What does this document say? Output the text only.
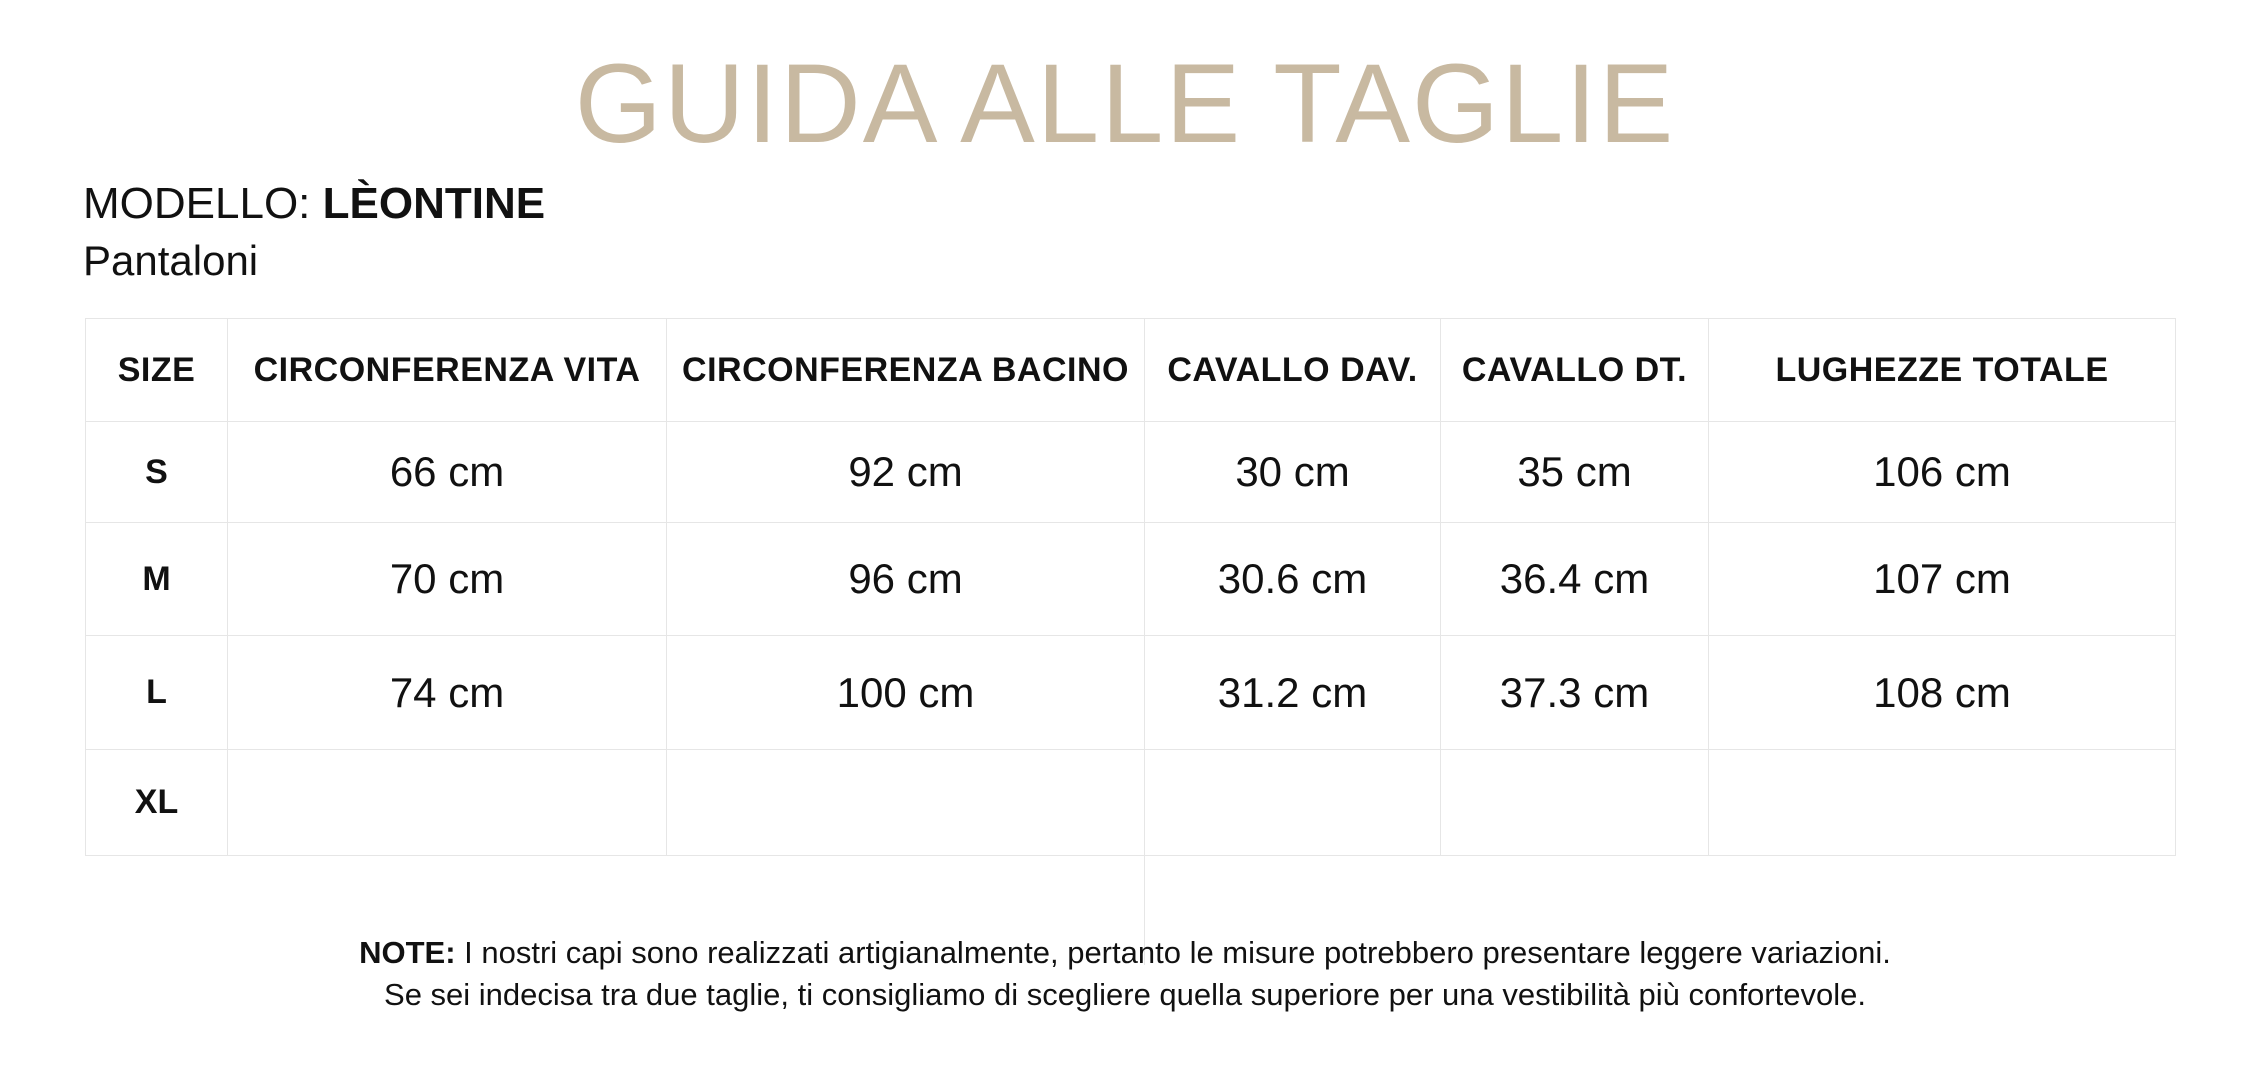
GUIDA ALLE TAGLIE
MODELLO: LÈONTINE
Pantaloni
SIZE	CIRCONFERENZA VITA	CIRCONFERENZA BACINO	CAVALLO DAV.	CAVALLO DT.	LUGHEZZE TOTALE
S	66 cm	92 cm	30 cm	35 cm	106 cm
M	70 cm	96 cm	30.6 cm	36.4 cm	107 cm
L	74 cm	100 cm	31.2 cm	37.3 cm	108 cm
XL					
NOTE: I nostri capi sono realizzati artigianalmente, pertanto le misure potrebbero presentare leggere variazioni.
Se sei indecisa tra due taglie, ti consigliamo di scegliere quella superiore per una vestibilità più confortevole.
